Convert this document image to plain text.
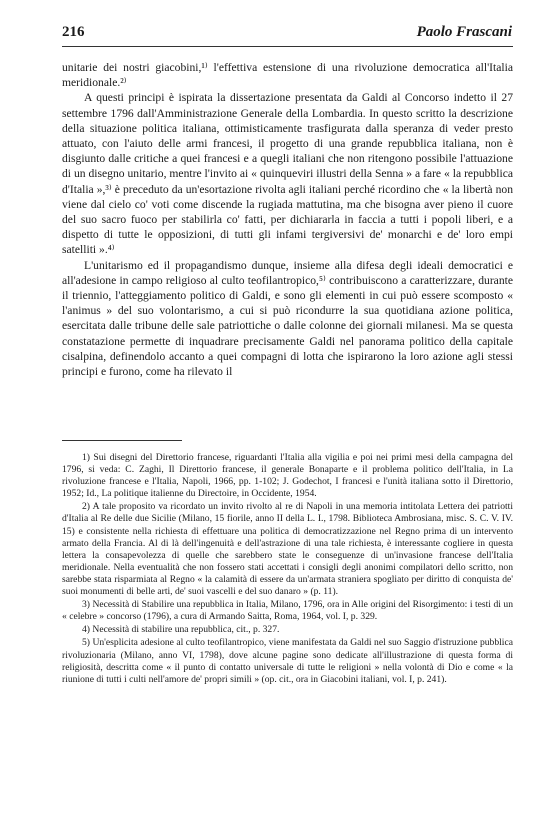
216	Paolo Frascani

unitarie dei nostri giacobini,¹⁾ l'effettiva estensione di una rivoluzione democratica all'Italia meridionale.²⁾

A questi principi è ispirata la dissertazione presentata da Galdi al Concorso indetto il 27 settembre 1796 dall'Amministrazione Generale della Lombardia. In questo scritto la descrizione della situazione politica italiana, ottimisticamente trasfigurata dalla speranza di veder presto attuato, con l'aiuto delle armi francesi, il progetto di una grande repubblica italiana, non è disgiunto dalle critiche a quei francesi e a quegli italiani che non ritengono possibile l'attuazione di un disegno unitario, mentre l'invito ai « quinqueviri illustri della Senna » a fare « la repubblica d'Italia »,³⁾ è preceduto da un'esortazione rivolta agli italiani perché ricordino che « la libertà non viene dal cielo co' voti come discende la rugiada mattutina, ma che bisogna aver pieno il cuore del suo sacro fuoco per stabilirla co' fatti, per dichiararla in faccia a tutti i popoli liberi, e a dispetto di tutte le opposizioni, di tutti gli infami tergiversivi de' monarchi e de' loro empi satelliti ».⁴⁾

L'unitarismo ed il propagandismo dunque, insieme alla difesa degli ideali democratici e all'adesione in campo religioso al culto teofilantropico,⁵⁾ contribuiscono a caratterizzare, durante il triennio, l'atteggiamento politico di Galdi, e sono gli elementi in cui può essere scomposto « l'animus » del suo volontarismo, a cui si può ricondurre la sua quotidiana azione politica, esercitata dalle tribune delle sale patriottiche o dalle colonne dei giornali milanesi. Ma se questa constatazione permette di inquadrare precisamente Galdi nel panorama politico della capitale cisalpina, definendolo accanto a quei compagni di lotta che ispirarono la loro azione agli stessi principi e furono, come ha rilevato il

1) Sui disegni del Direttorio francese, riguardanti l'Italia alla vigilia e poi nei primi mesi della campagna del 1796, si veda: C. Zaghi, Il Direttorio francese, il generale Bonaparte e il problema politico dell'Italia, in La rivoluzione francese e l'Italia, Napoli, 1966, pp. 1-102; J. Godechot, I francesi e l'unità italiana sotto il Direttorio, 1952; Id., La politique italienne du Directoire, in Occidente, 1954.

2) A tale proposito va ricordato un invito rivolto al re di Napoli in una memoria intitolata Lettera dei patriotti d'Italia al Re delle due Sicilie (Milano, 15 fiorile, anno II della L. I., 1798. Biblioteca Ambrosiana, misc. S. C. V. IV. 15) e consistente nella richiesta di effettuare una politica di democratizzazione nel Regno prima di un intervento armato della Francia. Al di là dell'ingenuità e dell'astrazione di una tale richiesta, è interessante cogliere in questa lettera la consapevolezza di quelle che sarebbero state le conseguenze di un'invasione francese dell'Italia meridionale. Nella eventualità che non fossero stati accettati i consigli degli anonimi compilatori dello scritto, non sarebbe stata risparmiata al Regno « la calamità di essere da un'armata straniera spogliato per diritto di conquista de' suoi monumenti di belle arti, de' suoi vascelli e del suo danaro » (p. 11).

3) Necessità di Stabilire una repubblica in Italia, Milano, 1796, ora in Alle origini del Risorgimento: i testi di un « celebre » concorso (1796), a cura di Armando Saitta, Roma, 1964, vol. I, p. 329.

4) Necessità di stabilire una repubblica, cit., p. 327.

5) Un'esplicita adesione al culto teofilantropico, viene manifestata da Galdi nel suo Saggio d'istruzione pubblica rivoluzionaria (Milano, anno VI, 1798), dove alcune pagine sono dedicate all'illustrazione di questa forma di religiosità, descritta come « il punto di contatto universale di tutte le religioni » nella volontà di Dio e come « la riunione di tutti i culti nell'amore de' propri simili » (op. cit., ora in Giacobini italiani, vol. I, p. 241).
